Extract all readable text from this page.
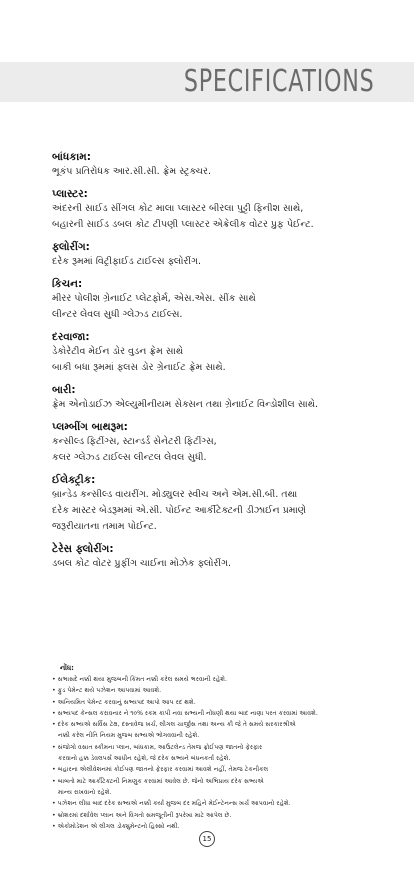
SPECIFICATIONS
બાંધકામ:
ભૂકંપ પ્રતિરોધક આર.સી.સી. ફ્રેમ સ્ટ્રક્ચર.
પ્લાસ્ટર:
અંદરની સાઈડ સીંગલ કોટ માલા પ્લાસ્ટર બીરલા પુટ્ટી ફિનીશ સાથે,
બહારની સાઈડ ડબલ કોટ ટીપણી પ્લાસ્ટર એક્રેલીક વોટર પ્રુફ પેઈન્ટ.
ફ્લોરીંગ:
દરેક રૂમમાં વિટ્રીફાઈડ ટાઈલ્સ ફ્લોરીંગ.
કિચન:
મીરર પોલીશ ગ્રેનાઈટ પ્લેટફોર્મ, એસ.એસ. સીંક સાથે
લીન્ટર લેવલ સુધી ગ્લેઝ્ડ ટાઈલ્સ.
દરવાજા:
ડેકોરેટીવ મેઈન ડોર વુડન ફ્રેમ સાથે
બાકી બધા રૂમમાં ફ્લસ ડોર ગ્રેનાઈટ ફ્રેમ સાથે.
બારી:
ફ્રેમ એનોડાઈઝ એલ્યુમીનીયમ સેક્સન તથા ગ્રેનાઈટ વિન્ડોશીલ સાથે.
પ્લમ્બીંગ બાથરૂમ:
કન્સીલ્ડ ફિટીંગ્સ, સ્ટાન્ડર્ડ સેનેટરી ફિટીંગ્સ,
કલર ગ્લેઝ્ડ ટાઈલ્સ લીન્ટલ લેવલ સુધી.
ઈલેક્ટ્રીક:
બ્રાન્ડેડ કન્સીલ્ડ વાયરીંગ. મોડ્યુલર સ્વીચ અને એમ.સી.બી. તથા
દરેક માસ્ટર બેડરૂમમાં એ.સી. પોઈન્ટ આર્કીટેક્ટની ડીઝાઈન પ્રમાણે
જરૂરીયાતના તમામ પોઈન્ટ.
ટેરેસ ફ્લોરીંગ:
ડબલ કોટ વોટર પ્રુફીંગ ચાઈના મોઝેક ફ્લોરીંગ.
નોંધ:
• સભાસદે નક્કી થયા મુજબની કિંમત નક્કી કરેલ સમયે ભરવાની રહેશે.
• ફુડ પેમેન્ટ થયે પઝેશન આપવામાં આવશે.
• અનિયમિત પેમેન્ટ કરવાનું સભ્યપદ આપો આપ રદ થશે.
• સભ્યપદ કેન્સલ કરાવનાર ને ૧૦% રકમ કાપી નવા સભ્યની નોંધણી થયા બાદ નાણા પરત કરવામાં આવશે.
• દરેક સભ્યએ સર્વિસ ટેક્ષ, દસ્તાવેજ ખર્ચ, લીગલ ચાર્જીસ તથા અન્ય કી જે તે સમયે સરકારશ્રીએ
નક્કી કરેલ નીતિ નિયમ મુજબ સભ્યએ ભોગવવાની રહેશે.
• સંજોગો વસાત સ્કીમના પ્લાન, બાંધકામ, આઉટલેન્ડ તેમજ ફ્રોઈપણ જાતનો ફેરફાર
કરવાનો હક્ક ડેવલપર્સ આધીન રહેશે, જે દરેક સભ્યને બંધનકર્તા રહેશે.
• બહારના એલીવેશનમાં કોઈપણ જાતનો ફેરફાર કરવામાં આવશે નહીં, તેમજ ટેકનીકલ
• બાબતો માટે આર્કીટેક્ટની નિમણુક કરવામાં આવેલ છે. જેનો અભિપ્રાય દરેક સભ્યએ
માન્ય રાખવાનો રહેશે.
• પઝેશન લીધા બાદ દરેક સભ્યએ નક્કી કર્યા મુજબ દર મહિને મેઈન્ટેનન્સ ખર્ચ આપવાનો રહેશે.
• બ્રોશરમાં દર્શાવેલ પ્લાન અને વિગતો સમજૂતીની રૂપરેખા માટે આપેલ છે.
• એકોમોડેશન એ લીગલ ડોક્યુમેન્ટનો હિસ્સો નથી.
15
